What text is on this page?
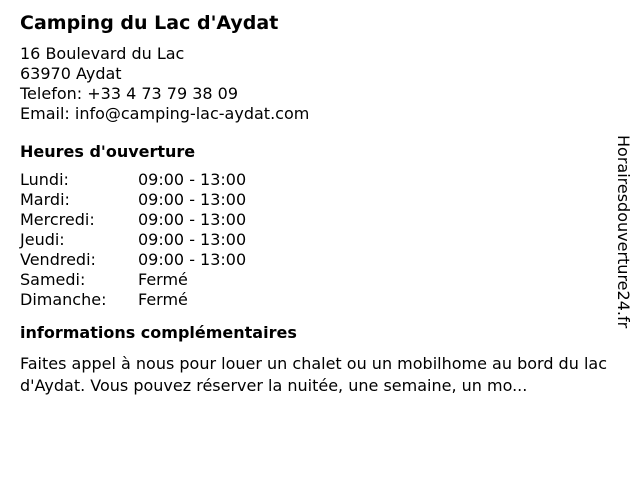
Camping du Lac d'Aydat
16 Boulevard du Lac
63970 Aydat
Telefon: +33 4 73 79 38 09
Email: info@camping-lac-aydat.com
Heures d'ouverture
Lundi:	09:00 - 13:00
Mardi:	09:00 - 13:00
Mercredi:	09:00 - 13:00
Jeudi:	09:00 - 13:00
Vendredi:	09:00 - 13:00
Samedi:	Fermé
Dimanche:	Fermé
informations complémentaires
Faites appel à nous pour louer un chalet ou un mobilhome au bord du lac d'Aydat. Vous pouvez réserver la nuitée, une semaine, un mo...
Horairesdouverture24.fr
